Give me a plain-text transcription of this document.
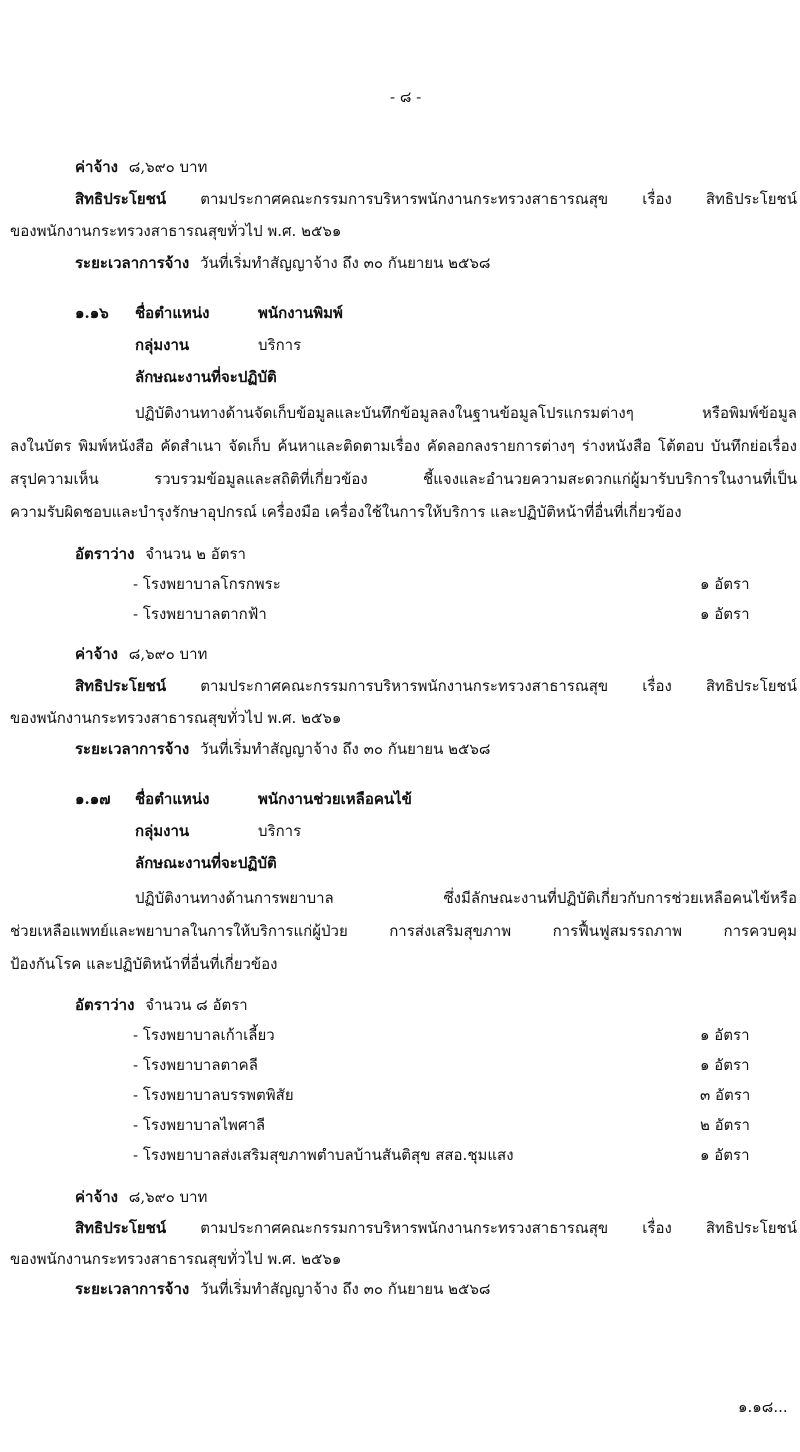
- ๘ -
ค่าจ้าง ๘,๖๙๐ บาท
สิทธิประโยชน์ ตามประกาศคณะกรรมการบริหารพนักงานกระทรวงสาธารณสุข เรื่อง สิทธิประโยชน์
ของพนักงานกระทรวงสาธารณสุขทั่วไป พ.ศ. ๒๕๖๑
ระยะเวลาการจ้าง วันที่เริ่มทำสัญญาจ้าง ถึง ๓๐ กันยายน ๒๕๖๘
๑.๑๖ ชื่อตำแหน่ง	พนักงานพิมพ์
กลุ่มงาน	บริการ
ลักษณะงานที่จะปฏิบัติ
ปฏิบัติงานทางด้านจัดเก็บข้อมูลและบันทึกข้อมูลลงในฐานข้อมูลโปรแกรมต่างๆ หรือพิมพ์ข้อมูล
ลงในบัตร พิมพ์หนังสือ คัดสำเนา จัดเก็บ ค้นหาและติดตามเรื่อง คัดลอกลงรายการต่างๆ ร่างหนังสือ โต้ตอบ บันทึกย่อเรื่อง
สรุปความเห็น รวบรวมข้อมูลและสถิติที่เกี่ยวข้อง ชี้แจงและอำนวยความสะดวกแก่ผู้มารับบริการในงานที่เป็น
ความรับผิดชอบและบำรุงรักษาอุปกรณ์ เครื่องมือ เครื่องใช้ในการให้บริการ และปฏิบัติหน้าที่อื่นที่เกี่ยวข้อง
อัตราว่าง จำนวน ๒ อัตรา
- โรงพยาบาลโกรกพระ	๑ อัตรา
- โรงพยาบาลตากฟ้า	๑ อัตรา
ค่าจ้าง ๘,๖๙๐ บาท
สิทธิประโยชน์ ตามประกาศคณะกรรมการบริหารพนักงานกระทรวงสาธารณสุข เรื่อง สิทธิประโยชน์
ของพนักงานกระทรวงสาธารณสุขทั่วไป พ.ศ. ๒๕๖๑
ระยะเวลาการจ้าง วันที่เริ่มทำสัญญาจ้าง ถึง ๓๐ กันยายน ๒๕๖๘
๑.๑๗ ชื่อตำแหน่ง	พนักงานช่วยเหลือคนไข้
กลุ่มงาน	บริการ
ลักษณะงานที่จะปฏิบัติ
ปฏิบัติงานทางด้านการพยาบาล ซึ่งมีลักษณะงานที่ปฏิบัติเกี่ยวกับการช่วยเหลือคนไข้หรือ
ช่วยเหลือแพทย์และพยาบาลในการให้บริการแก่ผู้ป่วย การส่งเสริมสุขภาพ การฟื้นฟูสมรรถภาพ การควบคุม
ป้องกันโรค และปฏิบัติหน้าที่อื่นที่เกี่ยวข้อง
อัตราว่าง จำนวน ๘ อัตรา
- โรงพยาบาลเก้าเลี้ยว	๑ อัตรา
- โรงพยาบาลตาคลี	๑ อัตรา
- โรงพยาบาลบรรพตพิสัย	๓ อัตรา
- โรงพยาบาลไพศาลี	๒ อัตรา
- โรงพยาบาลส่งเสริมสุขภาพตำบลบ้านสันติสุข สสอ.ชุมแสง	๑ อัตรา
ค่าจ้าง ๘,๖๙๐ บาท
สิทธิประโยชน์ ตามประกาศคณะกรรมการบริหารพนักงานกระทรวงสาธารณสุข เรื่อง สิทธิประโยชน์
ของพนักงานกระทรวงสาธารณสุขทั่วไป พ.ศ. ๒๕๖๑
ระยะเวลาการจ้าง วันที่เริ่มทำสัญญาจ้าง ถึง ๓๐ กันยายน ๒๕๖๘
๑.๑๘...
